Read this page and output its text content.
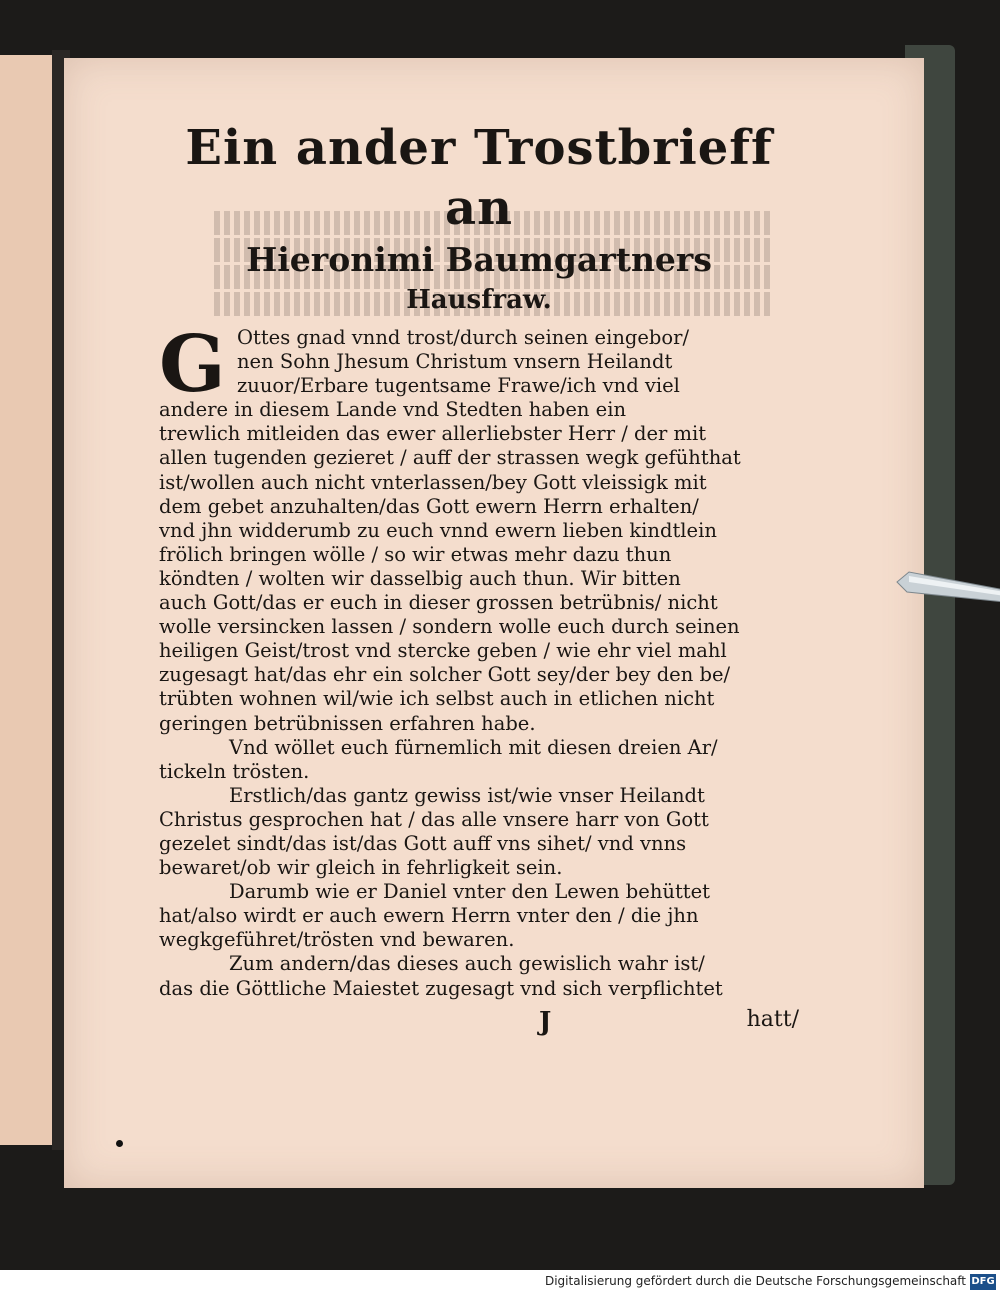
Ein ander Trostbrieff an

Hieronimi Baumgartners

Hausfraw.

G Ottes gnad vnnd trost/durch seinen eingebor/
nen Sohn Jhesum Christum vnsern Heilandt
zuuor/Erbare tugentsame Frawe/ich vnd viel
andere in diesem Lande vnd Stedten haben ein
trewlich mitleiden das ewer allerliebster Herr / der mit
allen tugenden gezieret / auff der strassen wegk gefühthat
ist/wollen auch nicht vnterlassen/bey Gott vleissigk mit
dem gebet anzuhalten/das Gott ewern Herrn erhalten/
vnd jhn widderumb zu euch vnnd ewern lieben kindtlein
frölich bringen wölle / so wir etwas mehr dazu thun
köndten / wolten wir dasselbig auch thun. Wir bitten
auch Gott/das er euch in dieser grossen betrübnis/ nicht
wolle versincken lassen / sondern wolle euch durch seinen
heiligen Geist/trost vnd stercke geben / wie ehr viel mahl
zugesagt hat/das ehr ein solcher Gott sey/der bey den be/
trübten wohnen wil/wie ich selbst auch in etlichen nicht
geringen betrübnissen erfahren habe.
Vnd wöllet euch fürnemlich mit diesen dreien Ar/
tickeln trösten.
Erstlich/das gantz gewiss ist/wie vnser Heilandt
Christus gesprochen hat / das alle vnsere harr von Gott
gezelet sindt/das ist/das Gott auff vns sihet/ vnd vnns
bewaret/ob wir gleich in fehrligkeit sein.
Darumb wie er Daniel vnter den Lewen behüttet
hat/also wirdt er auch ewern Herrn vnter den / die jhn
wegkgeführet/trösten vnd bewaren.
Zum andern/das dieses auch gewislich wahr ist/
das die Göttliche Maiestet zugesagt vnd sich verpflichtet
J	hatt/
Digitalisierung gefördert durch die Deutsche Forschungsgemeinschaft DFG
